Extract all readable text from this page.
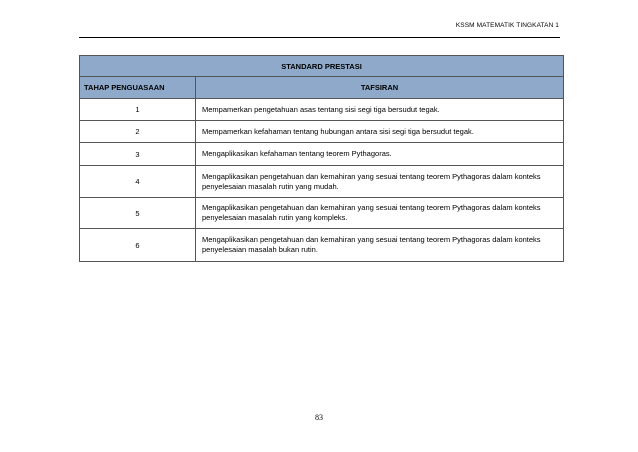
KSSM MATEMATIK TINGKATAN 1
STANDARD PRESTASI	
TAHAP PENGUASAAN	TAFSIRAN
1	Mempamerkan pengetahuan asas tentang sisi segi tiga bersudut tegak.
2	Mempamerkan kefahaman tentang hubungan antara sisi segi tiga bersudut tegak.
3	Mengaplikasikan kefahaman tentang teorem Pythagoras.
4	Mengaplikasikan pengetahuan dan kemahiran yang sesuai tentang teorem Pythagoras dalam konteks penyelesaian masalah rutin yang mudah.
5	Mengaplikasikan pengetahuan dan kemahiran yang sesuai tentang teorem Pythagoras dalam konteks penyelesaian masalah rutin yang kompleks.
6	Mengaplikasikan pengetahuan dan kemahiran yang sesuai tentang teorem Pythagoras dalam konteks penyelesaian masalah bukan rutin.
83
